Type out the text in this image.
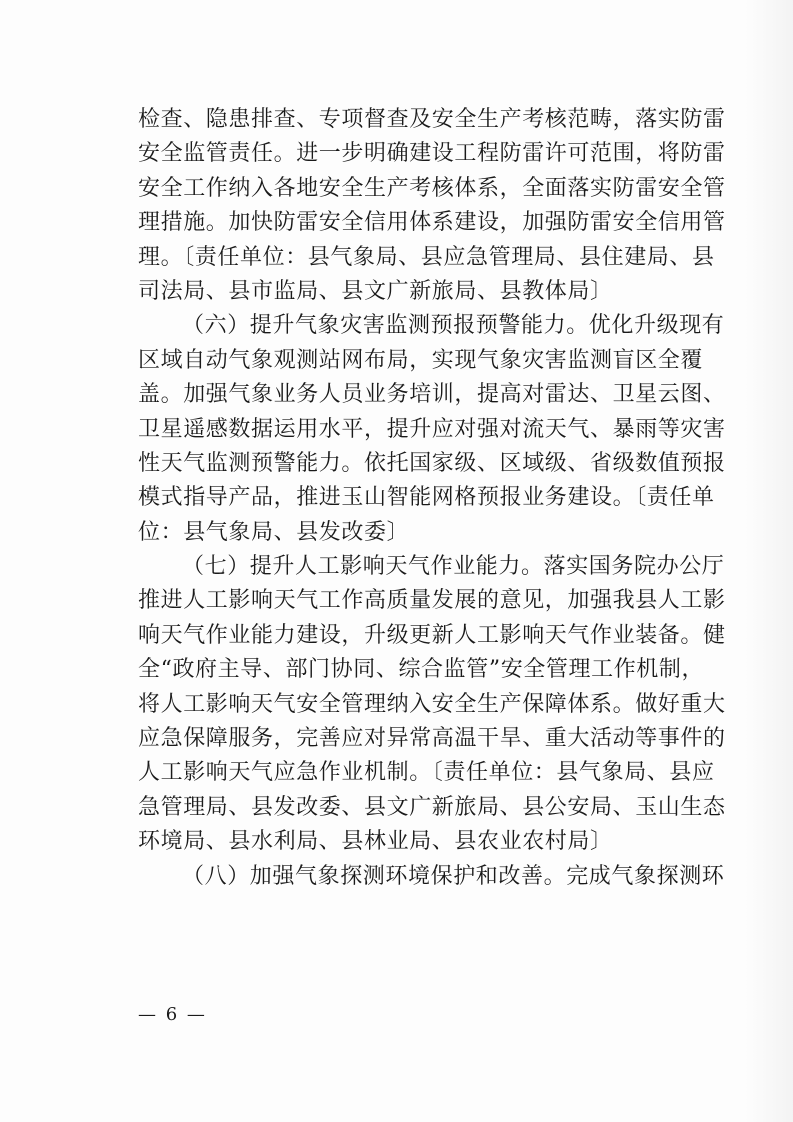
检查、隐患排查、专项督查及安全生产考核范畴，落实防雷
安全监管责任。进一步明确建设工程防雷许可范围，将防雷
安全工作纳入各地安全生产考核体系，全面落实防雷安全管
理措施。加快防雷安全信用体系建设，加强防雷安全信用管
理。〔责任单位：县气象局、县应急管理局、县住建局、县
司法局、县市监局、县文广新旅局、县教体局〕
（六）提升气象灾害监测预报预警能力。优化升级现有
区域自动气象观测站网布局，实现气象灾害监测盲区全覆
盖。加强气象业务人员业务培训，提高对雷达、卫星云图、
卫星遥感数据运用水平，提升应对强对流天气、暴雨等灾害
性天气监测预警能力。依托国家级、区域级、省级数值预报
模式指导产品，推进玉山智能网格预报业务建设。〔责任单
位：县气象局、县发改委〕
（七）提升人工影响天气作业能力。落实国务院办公厅
推进人工影响天气工作高质量发展的意见，加强我县人工影
响天气作业能力建设，升级更新人工影响天气作业装备。健
全“政府主导、部门协同、综合监管”安全管理工作机制，
将人工影响天气安全管理纳入安全生产保障体系。做好重大
应急保障服务，完善应对异常高温干旱、重大活动等事件的
人工影响天气应急作业机制。〔责任单位：县气象局、县应
急管理局、县发改委、县文广新旅局、县公安局、玉山生态
环境局、县水利局、县林业局、县农业农村局〕
（八）加强气象探测环境保护和改善。完成气象探测环
— 6 —
